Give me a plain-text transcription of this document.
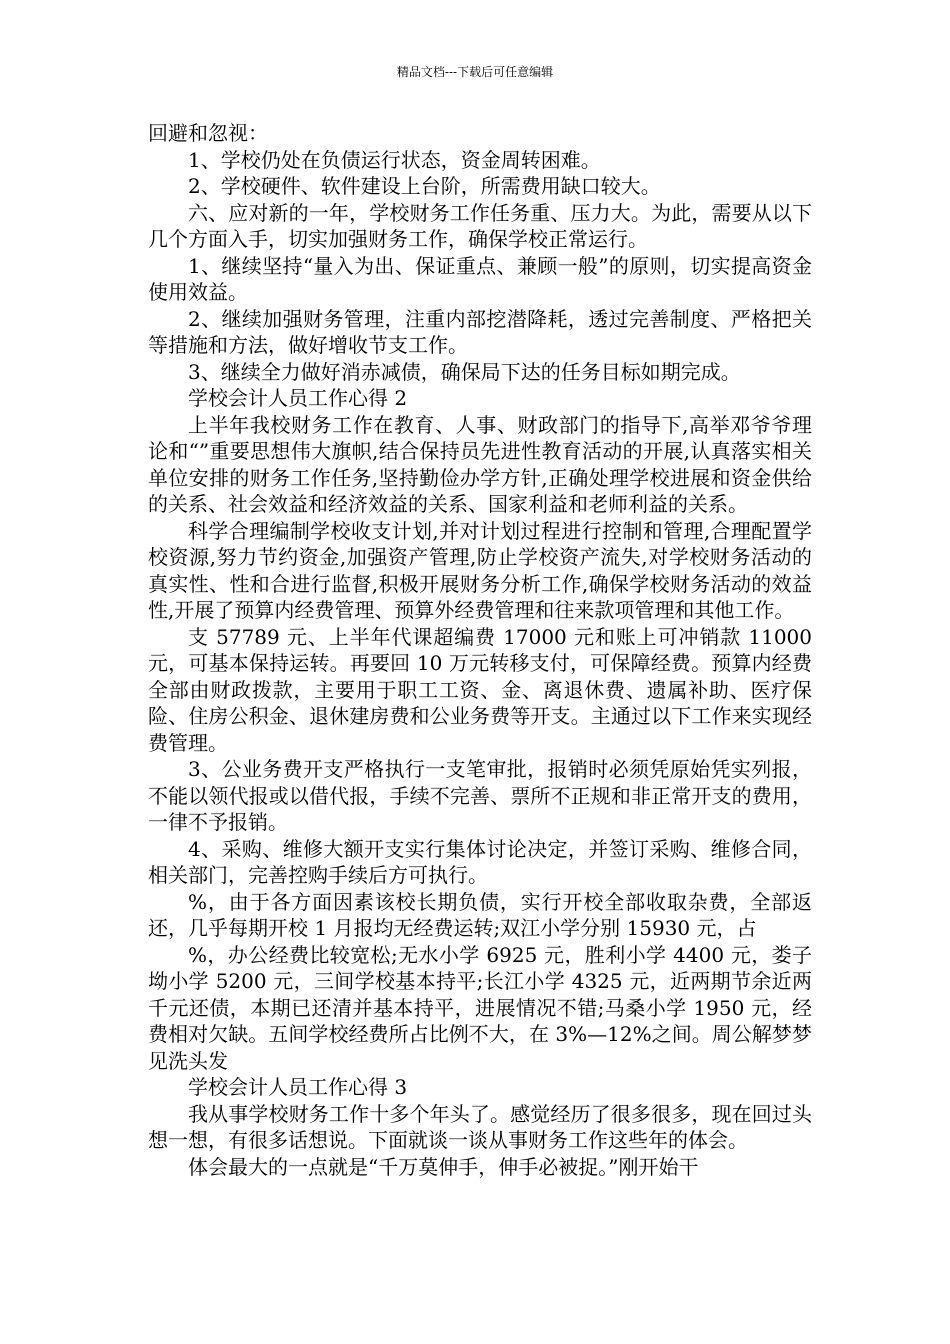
精品文档---下载后可任意编辑

回避和忽视：

1、学校仍处在负债运行状态，资金周转困难。

2、学校硬件、软件建设上台阶，所需费用缺口较大。

六、应对新的一年，学校财务工作任务重、压力大。为此，需要从以下几个方面入手，切实加强财务工作，确保学校正常运行。

1、继续坚持“量入为出、保证重点、兼顾一般”的原则，切实提高资金使用效益。

2、继续加强财务管理，注重内部挖潜降耗，透过完善制度、严格把关等措施和方法，做好增收节支工作。

3、继续全力做好消赤减债，确保局下达的任务目标如期完成。

学校会计人员工作心得 2

上半年我校财务工作在教育、人事、财政部门的指导下,高举邓爷爷理论和“”重要思想伟大旗帜,结合保持员先进性教育活动的开展,认真落实相关单位安排的财务工作任务,坚持勤俭办学方针,正确处理学校进展和资金供给的关系、社会效益和经济效益的关系、国家利益和老师利益的关系。

科学合理编制学校收支计划,并对计划过程进行控制和管理,合理配置学校资源,努力节约资金,加强资产管理,防止学校资产流失,对学校财务活动的真实性、性和合进行监督,积极开展财务分析工作,确保学校财务活动的效益性,开展了预算内经费管理、预算外经费管理和往来款项管理和其他工作。

支 57789 元、上半年代课超编费 17000 元和账上可冲销款 11000 元，可基本保持运转。再要回 10 万元转移支付，可保障经费。预算内经费全部由财政拨款，主要用于职工工资、金、离退休费、遗属补助、医疗保险、住房公积金、退休建房费和公业务费等开支。主通过以下工作来实现经费管理。

3、公业务费开支严格执行一支笔审批，报销时必须凭原始凭实列报，不能以领代报或以借代报，手续不完善、票所不正规和非正常开支的费用，一律不予报销。

4、采购、维修大额开支实行集体讨论决定，并签订采购、维修合同，相关部门，完善控购手续后方可执行。

%，由于各方面因素该校长期负债，实行开校全部收取杂费，全部返还，几乎每期开校 1 月报均无经费运转;双江小学分别 15930 元，占

%，办公经费比较宽松;无水小学 6925 元，胜利小学 4400 元，娄子坳小学 5200 元，三间学校基本持平;长江小学 4325 元，近两期节余近两千元还债，本期已还清并基本持平，进展情况不错;马桑小学 1950 元，经费相对欠缺。五间学校经费所占比例不大，在 3%—12%之间。周公解梦梦见洗头发

学校会计人员工作心得 3

我从事学校财务工作十多个年头了。感觉经历了很多很多，现在回过头想一想，有很多话想说。下面就谈一谈从事财务工作这些年的体会。

体会最大的一点就是“千万莫伸手，伸手必被捉。”刚开始干
